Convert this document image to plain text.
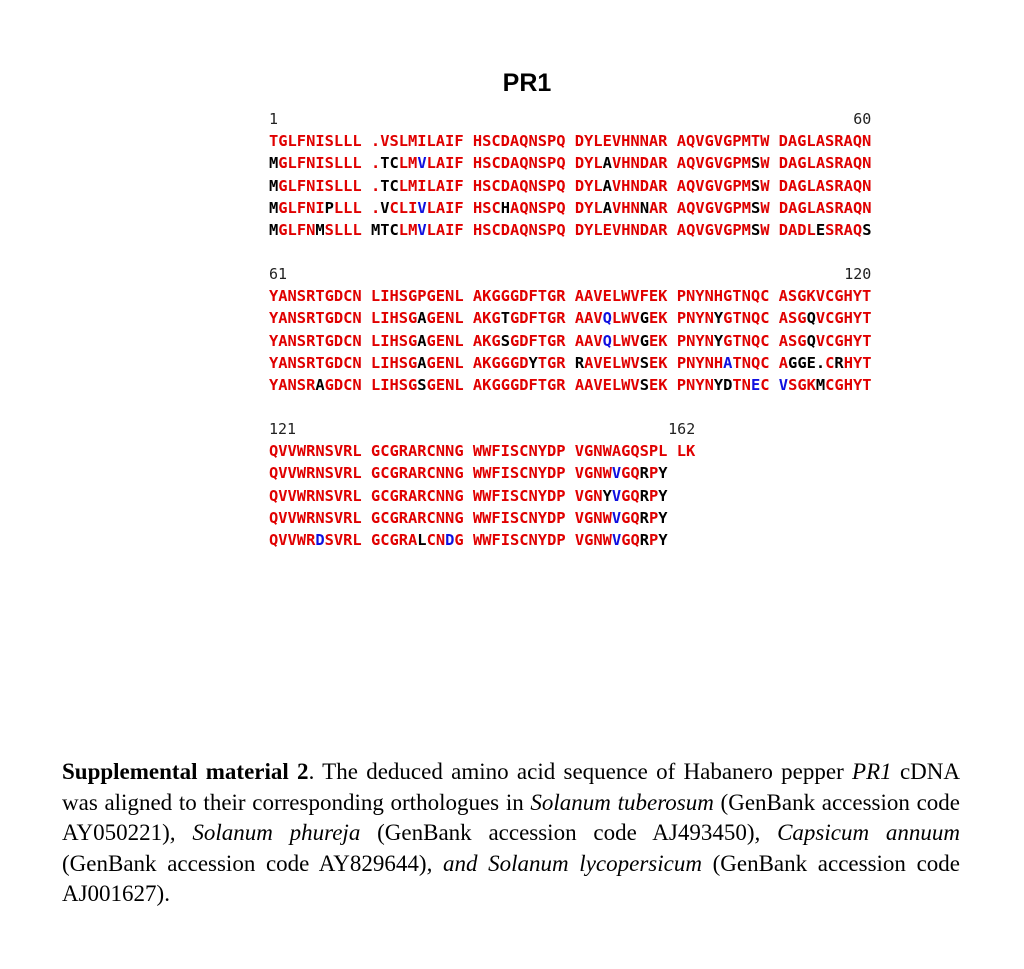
PR1
1	60
TGLFNISLLL .VSLMILAIF HSCDAQNSPQ DYLEVHNNAR AQVGVGPMTW DAGLASRAQN
MGLFNISLLL .TCLMVLAIF HSCDAQNSPQ DYLAVHNDAR AQVGVGPMSW DAGLASRAQN
MGLFNISLLL .TCLMILAIF HSCDAQNSPQ DYLAVHNDAR AQVGVGPMSW DAGLASRAQN
MGLFNIPLLL .VCLIVLAIF HSCHAQNSPQ DYLAVHNNAR AQVGVGPMSW DAGLASRAQN
MGLFNMSLLL MTCLMVLAIF HSCDAQNSPQ DYLEVHNDAR AQVGVGPMSW DADLESRAQS
61	120
YANSRTGDCN LIHSGPGENL AKGGGDFTGR AAVELWVFEK PNYNHGTNQC ASGKVCGHYT
YANSRTGDCN LIHSGAGENL AKGTGDFTGR AAVQLWVGEK PNYNYGTNQC ASGQVCGHYT
YANSRTGDCN LIHSGAGENL AKGSGDFTGR AAVQLWVGEK PNYNYGTNQC ASGQVCGHYT
YANSRTGDCN LIHSGAGENL AKGGGDYTGR RAVELWVSEK PNYNHATNQC AGGE.CRHYT
YANSRAGDCN LIHSGSGENL AKGGGDFTGR AAVELWVSEK PNYNYDTNEC VSGKMCGHYT
121	162
QVVWRNSVRL GCGRARCNNG WWFISCNYDP VGNWAGQSPL LK
QVVWRNSVRL GCGRARCNNG WWFISCNYDP VGNWVGQRPY
QVVWRNSVRL GCGRARCNNG WWFISCNYDP VGNYVGQRPY
QVVWRNSVRL GCGRARCNNG WWFISCNYDP VGNWVGQRPY
QVVWRDSVRL GCGRALCNDG WWFISCNYDP VGNWVGQRPY
Supplemental material 2. The deduced amino acid sequence of Habanero pepper PR1 cDNA was aligned to their corresponding orthologues in Solanum tuberosum (GenBank accession code AY050221), Solanum phureja (GenBank accession code AJ493450), Capsicum annuum (GenBank accession code AY829644), and Solanum lycopersicum (GenBank accession code AJ001627).
